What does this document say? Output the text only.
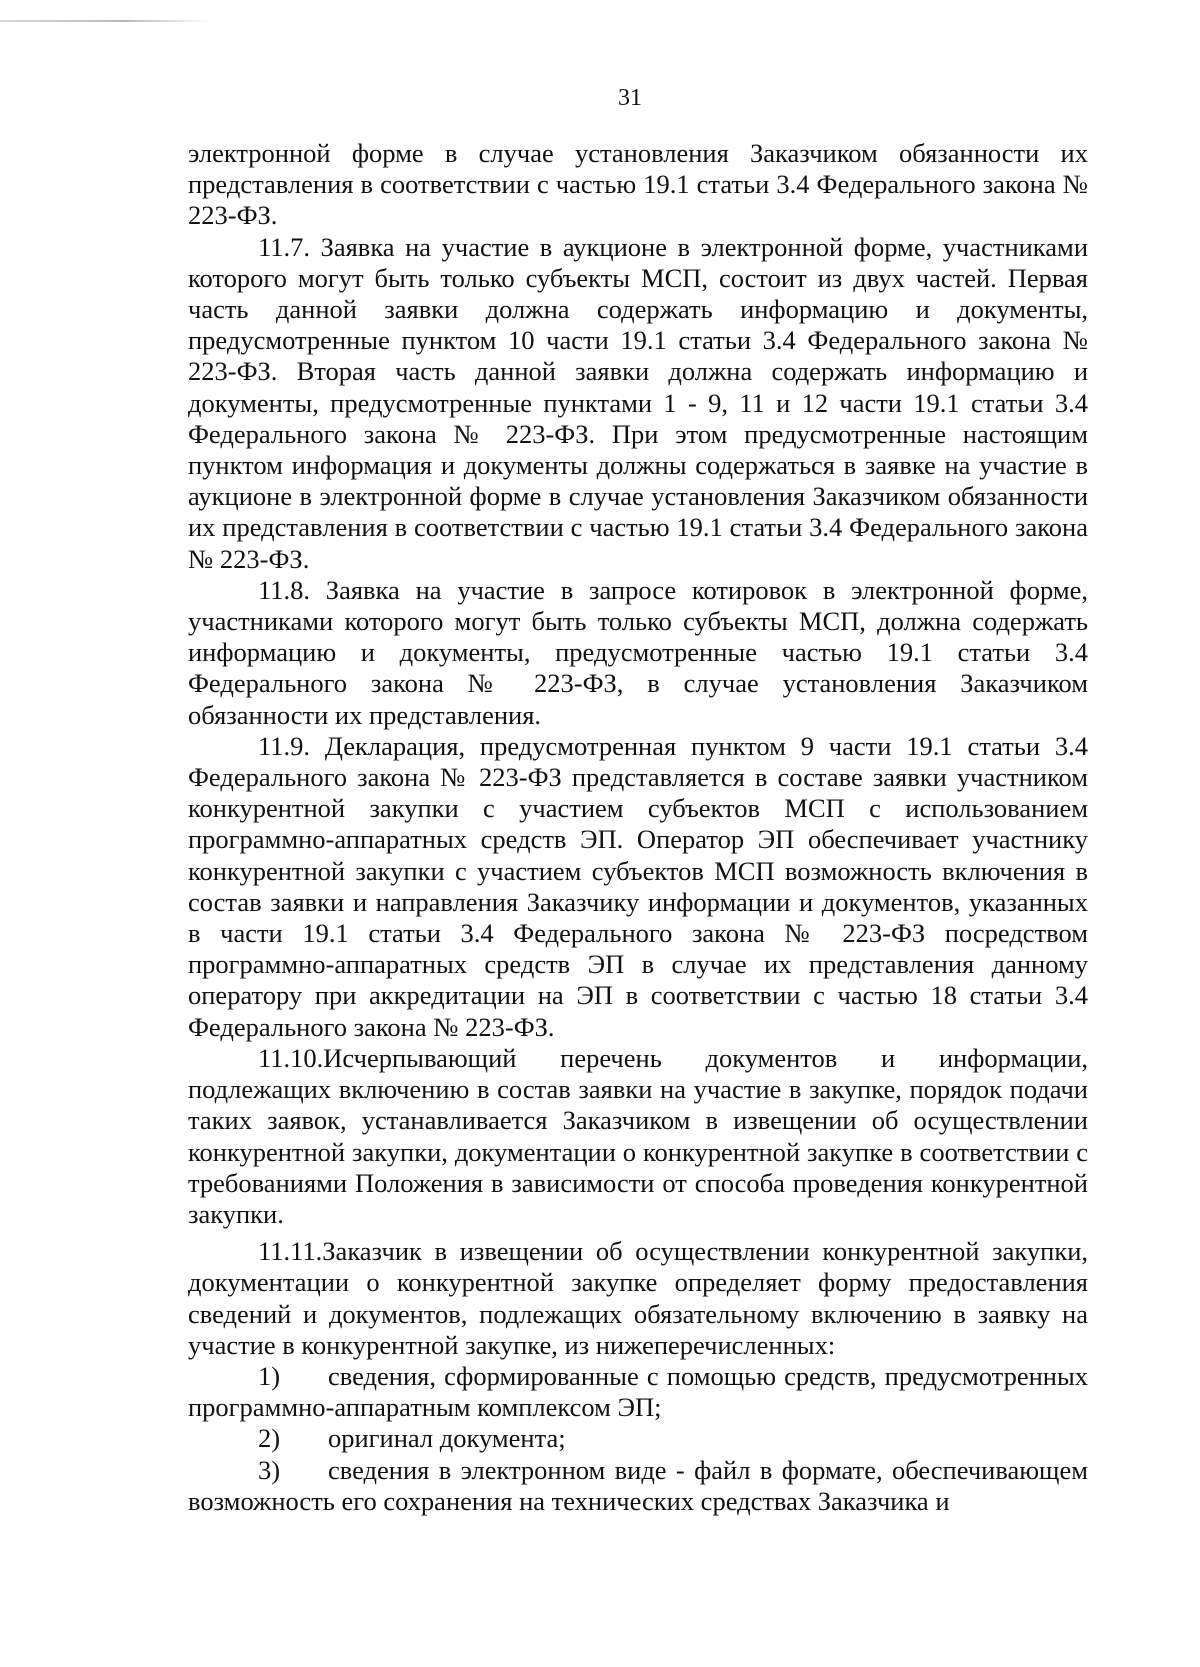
31

электронной форме в случае установления Заказчиком обязанности их представления в соответствии с частью 19.1 статьи 3.4 Федерального закона № 223-ФЗ.

11.7. Заявка на участие в аукционе в электронной форме, участниками которого могут быть только субъекты МСП, состоит из двух частей. Первая часть данной заявки должна содержать информацию и документы, предусмотренные пунктом 10 части 19.1 статьи 3.4 Федерального закона № 223-ФЗ. Вторая часть данной заявки должна содержать информацию и документы, предусмотренные пунктами 1 - 9, 11 и 12 части 19.1 статьи 3.4 Федерального закона № 223-ФЗ. При этом предусмотренные настоящим пунктом информация и документы должны содержаться в заявке на участие в аукционе в электронной форме в случае установления Заказчиком обязанности их представления в соответствии с частью 19.1 статьи 3.4 Федерального закона № 223-ФЗ.

11.8. Заявка на участие в запросе котировок в электронной форме, участниками которого могут быть только субъекты МСП, должна содержать информацию и документы, предусмотренные частью 19.1 статьи 3.4 Федерального закона № 223-ФЗ, в случае установления Заказчиком обязанности их представления.

11.9. Декларация, предусмотренная пунктом 9 части 19.1 статьи 3.4 Федерального закона № 223-ФЗ представляется в составе заявки участником конкурентной закупки с участием субъектов МСП с использованием программно-аппаратных средств ЭП. Оператор ЭП обеспечивает участнику конкурентной закупки с участием субъектов МСП возможность включения в состав заявки и направления Заказчику информации и документов, указанных в части 19.1 статьи 3.4 Федерального закона № 223-ФЗ посредством программно-аппаратных средств ЭП в случае их представления данному оператору при аккредитации на ЭП в соответствии с частью 18 статьи 3.4 Федерального закона № 223-ФЗ.

11.10.Исчерпывающий перечень документов и информации, подлежащих включению в состав заявки на участие в закупке, порядок подачи таких заявок, устанавливается Заказчиком в извещении об осуществлении конкурентной закупки, документации о конкурентной закупке в соответствии с требованиями Положения в зависимости от способа проведения конкурентной закупки.

11.11.Заказчик в извещении об осуществлении конкурентной закупки, документации о конкурентной закупке определяет форму предоставления сведений и документов, подлежащих обязательному включению в заявку на участие в конкурентной закупке, из нижеперечисленных:

1) сведения, сформированные с помощью средств, предусмотренных программно-аппаратным комплексом ЭП;

2) оригинал документа;

3) сведения в электронном виде - файл в формате, обеспечивающем возможность его сохранения на технических средствах Заказчика и
